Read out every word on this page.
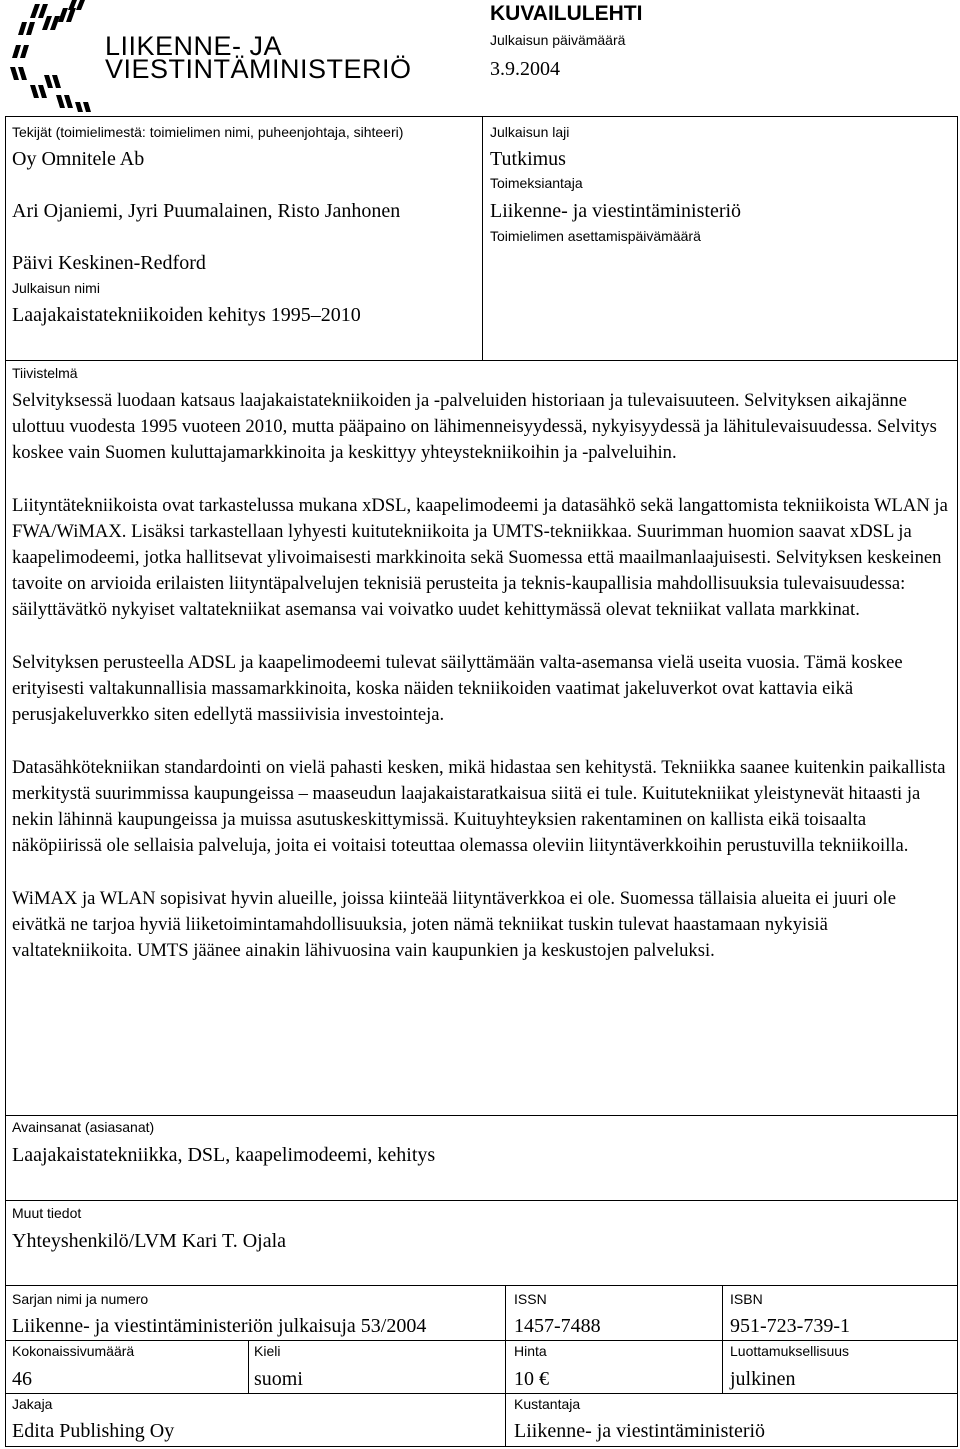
LIIKENNE- JA
VIESTINTÄMINISTERIÖ
KUVAILULEHTI
Julkaisun päivämäärä
3.9.2004
Tekijät (toimielimestä: toimielimen nimi, puheenjohtaja, sihteeri)
Oy Omnitele Ab
Ari Ojaniemi, Jyri Puumalainen, Risto Janhonen
Päivi Keskinen-Redford
Julkaisun nimi
Laajakaistatekniikoiden kehitys 1995–2010
Julkaisun laji
Tutkimus
Toimeksiantaja
Liikenne- ja viestintäministeriö
Toimielimen asettamispäivämäärä
Tiivistelmä

Selvityksessä luodaan katsaus laajakaistatekniikoiden ja -palveluiden historiaan ja tulevaisuuteen. Selvityksen aikajänne ulottuu vuodesta 1995 vuoteen 2010, mutta pääpaino on lähimenneisyydessä, nykyisyydessä ja lähitulevaisuudessa. Selvitys koskee vain Suomen kuluttajamarkkinoita ja keskittyy yhteystekniikoihin ja -palveluihin.

Liityntätekniikoista ovat tarkastelussa mukana xDSL, kaapelimodeemi ja datasähkö sekä langattomista tekniikoista WLAN ja FWA/WiMAX. Lisäksi tarkastellaan lyhyesti kuitutekniikoita ja UMTS-tekniikkaa. Suurimman huomion saavat xDSL ja kaapelimodeemi, jotka hallitsevat ylivoimaisesti markkinoita sekä Suomessa että maailmanlaajuisesti. Selvityksen keskeinen tavoite on arvioida erilaisten liityntäpalvelujen teknisiä perusteita ja teknis-kaupallisia mahdollisuuksia tulevaisuudessa: säilyttävätkö nykyiset valtatekniikat asemansa vai voivatko uudet kehittymässä olevat tekniikat vallata markkinat.

Selvityksen perusteella ADSL ja kaapelimodeemi tulevat säilyttämään valta-asemansa vielä useita vuosia. Tämä koskee erityisesti valtakunnallisia massamarkkinoita, koska näiden tekniikoiden vaatimat jakeluverkot ovat kattavia eikä perusjakeluverkko siten edellytä massiivisia investointeja.

Datasähkötekniikan standardointi on vielä pahasti kesken, mikä hidastaa sen kehitystä. Tekniikka saanee kuitenkin paikallista merkitystä suurimmissa kaupungeissa – maaseudun laajakaistaratkaisua siitä ei tule. Kuitutekniikat yleistynevät hitaasti ja nekin lähinnä kaupungeissa ja muissa asutuskeskittymissä. Kuituyhteyksien rakentaminen on kallista eikä toisaalta näköpiirissä ole sellaisia palveluja, joita ei voitaisi toteuttaa olemassa oleviin liityntäverkkoihin perustuvilla tekniikoilla.

WiMAX ja WLAN sopisivat hyvin alueille, joissa kiinteää liityntäverkkoa ei ole. Suomessa tällaisia alueita ei juuri ole eivätkä ne tarjoa hyviä liiketoimintamahdollisuuksia, joten nämä tekniikat tuskin tulevat haastamaan nykyisiä valtatekniikoita. UMTS jäänee ainakin lähivuosina vain kaupunkien ja keskustojen palveluksi.

Avainsanat (asiasanat)
Laajakaistatekniikka, DSL, kaapelimodeemi, kehitys
Muut tiedot
Yhteyshenkilö/LVM Kari T. Ojala
Sarjan nimi ja numero
Liikenne- ja viestintäministeriön julkaisuja 53/2004
ISSN
1457-7488
ISBN
951-723-739-1
Kokonaissivumäärä
46
Kieli
suomi
Hinta
10 €
Luottamuksellisuus
julkinen
Jakaja
Edita Publishing Oy
Kustantaja
Liikenne- ja viestintäministeriö
